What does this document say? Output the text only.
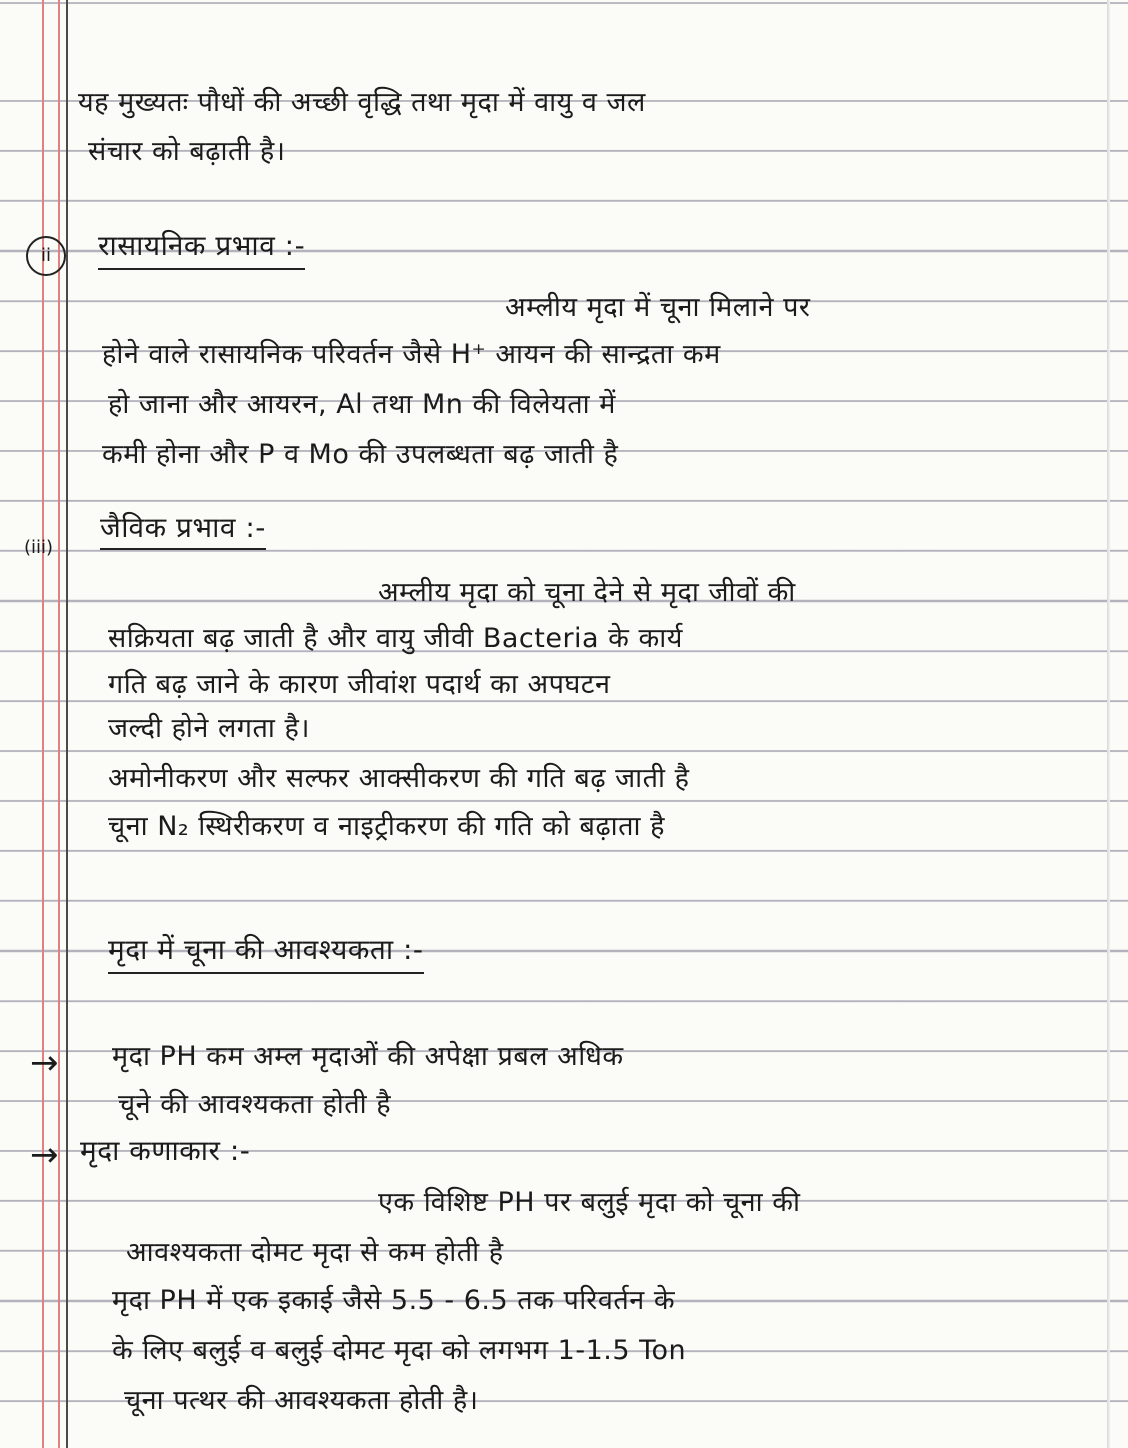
यह मुख्यतः पौधों की अच्छी वृद्धि तथा मृदा में वायु व जल
संचार को बढ़ाती है।
ii	रासायनिक प्रभाव :-
अम्लीय मृदा में चूना मिलाने पर
होने वाले रासायनिक परिवर्तन जैसे H⁺ आयन की सान्द्रता कम
हो जाना और आयरन, Al तथा Mn की विलेयता में
कमी होना और P व Mo की उपलब्धता बढ़ जाती है
(iii)
जैविक प्रभाव :-
अम्लीय मृदा को चूना देने से मृदा जीवों की
सक्रियता बढ़ जाती है और वायु जीवी Bacteria के कार्य
गति बढ़ जाने के कारण जीवांश पदार्थ का अपघटन
जल्दी होने लगता है।
अमोनीकरण और सल्फर आक्सीकरण की गति बढ़ जाती है
चूना N₂ स्थिरीकरण व नाइट्रीकरण की गति को बढ़ाता है
मृदा में चूना की आवश्यकता :-
→ मृदा PH कम अम्ल मृदाओं की अपेक्षा प्रबल अधिक
चूने की आवश्यकता होती है
→ मृदा कणाकार :-
एक विशिष्ट PH पर बलुई मृदा को चूना की
आवश्यकता दोमट मृदा से कम होती है
मृदा PH में एक इकाई जैसे 5.5 - 6.5 तक परिवर्तन के
के लिए बलुई व बलुई दोमट मृदा को लगभग 1-1.5 Ton
चूना पत्थर की आवश्यकता होती है।
